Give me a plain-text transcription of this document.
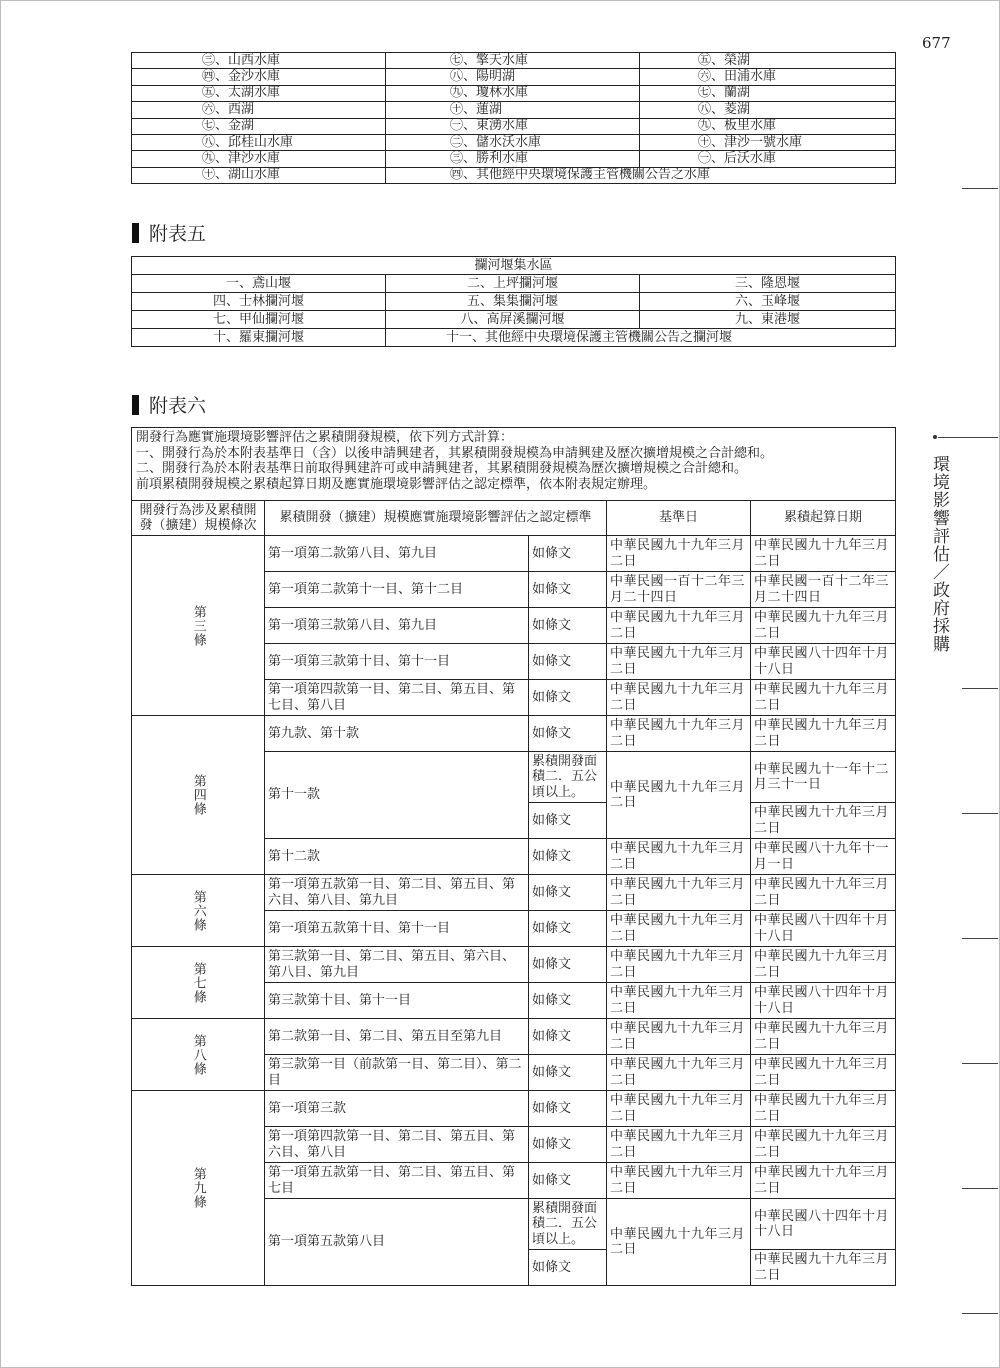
677
環境影響評估／政府採購
㊂、山西水庫	㊆、擎天水庫	㊄、榮湖
㊃、金沙水庫	㊇、陽明湖	㊅、田浦水庫
㊄、太湖水庫	㊈、瓊林水庫	㊆、蘭湖
㊅、西湖	㊉、蓮湖	㊇、菱湖
㊆、金湖	㊀、東湧水庫	㊈、板里水庫
㊇、邱桂山水庫	㊁、儲水沃水庫	㊉、津沙一號水庫
㊈、津沙水庫	㊂、勝利水庫	㊀、后沃水庫
㊉、湖山水庫	㊃、其他經中央環境保護主管機關公告之水庫	
附表五
攔河堰集水區		
一、鳶山堰	二、上坪攔河堰	三、隆恩堰
四、士林攔河堰	五、集集攔河堰	六、玉峰堰
七、甲仙攔河堰	八、高屏溪攔河堰	九、東港堰
十、羅東攔河堰	十一、其他經中央環境保護主管機關公告之攔河堰	
附表六
開發行為應實施環境影響評估之累積開發規模，依下列方式計算：
一、開發行為於本附表基準日（含）以後申請興建者，其累積開發規模為申請興建及歷次擴增規模之合計總和。
二、開發行為於本附表基準日前取得興建許可或申請興建者，其累積開發規模為歷次擴增規模之合計總和。
前項累積開發規模之累積起算日期及應實施環境影響評估之認定標準，依本附表規定辦理。				

開發行為涉及累積開發（擴建）規模條次	累積開發（擴建）規模應實施環境影響評估之認定標準		基準日	累積起算日期
第三條	第一項第二款第八目、第九目	如條文	中華民國九十九年三月二日	中華民國九十九年三月二日
	第一項第二款第十一目、第十二目	如條文	中華民國一百十二年三月二十四日	中華民國一百十二年三月二十四日
	第一項第三款第八目、第九目	如條文	中華民國九十九年三月二日	中華民國九十九年三月二日
	第一項第三款第十目、第十一目	如條文	中華民國九十九年三月二日	中華民國八十四年十月十八日
	第一項第四款第一目、第二目、第五目、第七目、第八目	如條文	中華民國九十九年三月二日	中華民國九十九年三月二日
第四條	第九款、第十款	如條文	中華民國九十九年三月二日	中華民國九十九年三月二日
	第十一款	累積開發面積二．五公頃以上。	中華民國九十九年三月二日	中華民國九十一年十二月三十一日
		如條文		中華民國九十九年三月二日
	第十二款	如條文	中華民國九十九年三月二日	中華民國八十九年十一月一日
第六條	第一項第五款第一目、第二目、第五目、第六目、第八目、第九目	如條文	中華民國九十九年三月二日	中華民國九十九年三月二日
	第一項第五款第十目、第十一目	如條文	中華民國九十九年三月二日	中華民國八十四年十月十八日
第七條	第三款第一目、第二目、第五目、第六目、第八目、第九目	如條文	中華民國九十九年三月二日	中華民國九十九年三月二日
	第三款第十目、第十一目	如條文	中華民國九十九年三月二日	中華民國八十四年十月十八日
第八條	第二款第一目、第二目、第五目至第九目	如條文	中華民國九十九年三月二日	中華民國九十九年三月二日
	第三款第一目（前款第一目、第二目）、第二目	如條文	中華民國九十九年三月二日	中華民國九十九年三月二日
第九條	第一項第三款	如條文	中華民國九十九年三月二日	中華民國九十九年三月二日
	第一項第四款第一目、第二目、第五目、第六目、第八目	如條文	中華民國九十九年三月二日	中華民國九十九年三月二日
	第一項第五款第一目、第二目、第五目、第七目	如條文	中華民國九十九年三月二日	中華民國九十九年三月二日
	第一項第五款第八目	累積開發面積二．五公頃以上。	中華民國九十九年三月二日	中華民國八十四年十月十八日
		如條文		中華民國九十九年三月二日
